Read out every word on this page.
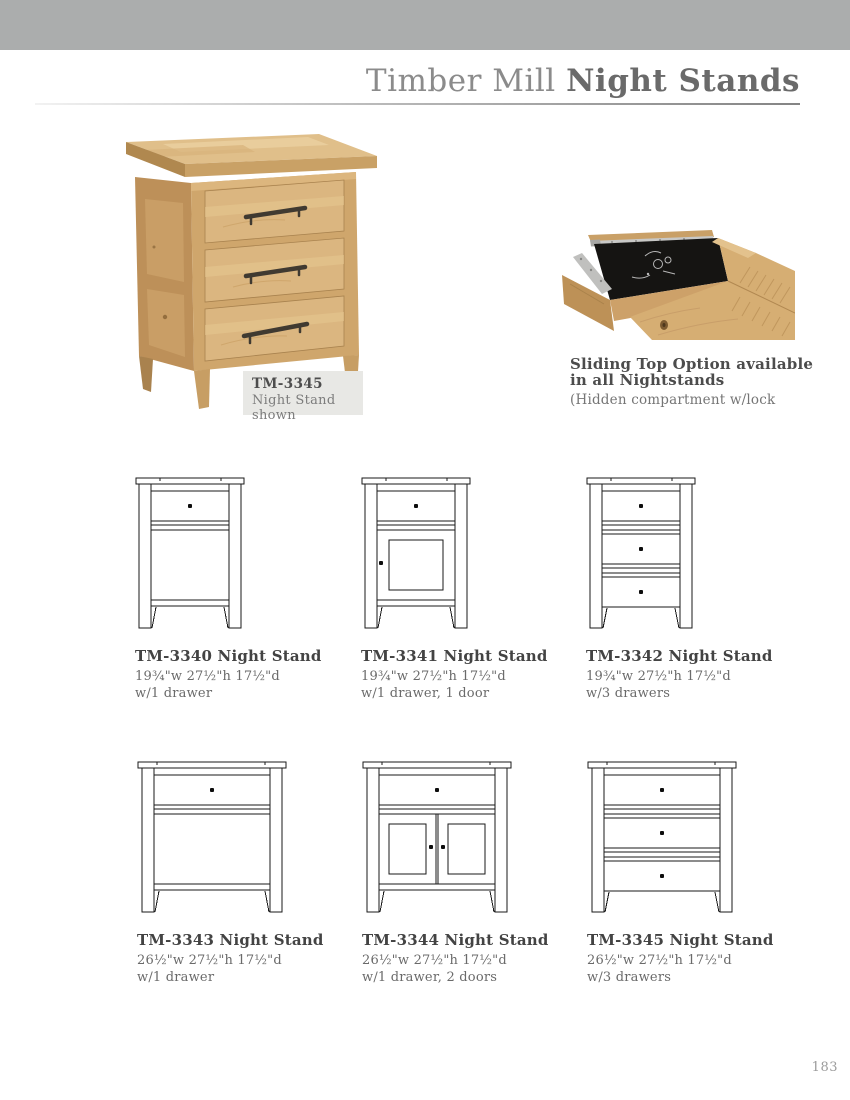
Timber Mill Night Stands
TM-3345
Night Stand shown
Sliding Top Option available
in all Nightstands
(Hidden compartment w/lock
TM-3340 Night Stand
19¾"w 27½"h 17½"d
w/1 drawer
TM-3341 Night Stand
19¾"w 27½"h 17½"d
w/1 drawer, 1 door
TM-3342 Night Stand
19¾"w 27½"h 17½"d
w/3 drawers
TM-3343 Night Stand
26½"w 27½"h 17½"d
w/1 drawer
TM-3344 Night Stand
26½"w 27½"h 17½"d
w/1 drawer, 2 doors
TM-3345 Night Stand
26½"w 27½"h 17½"d
w/3 drawers
183
